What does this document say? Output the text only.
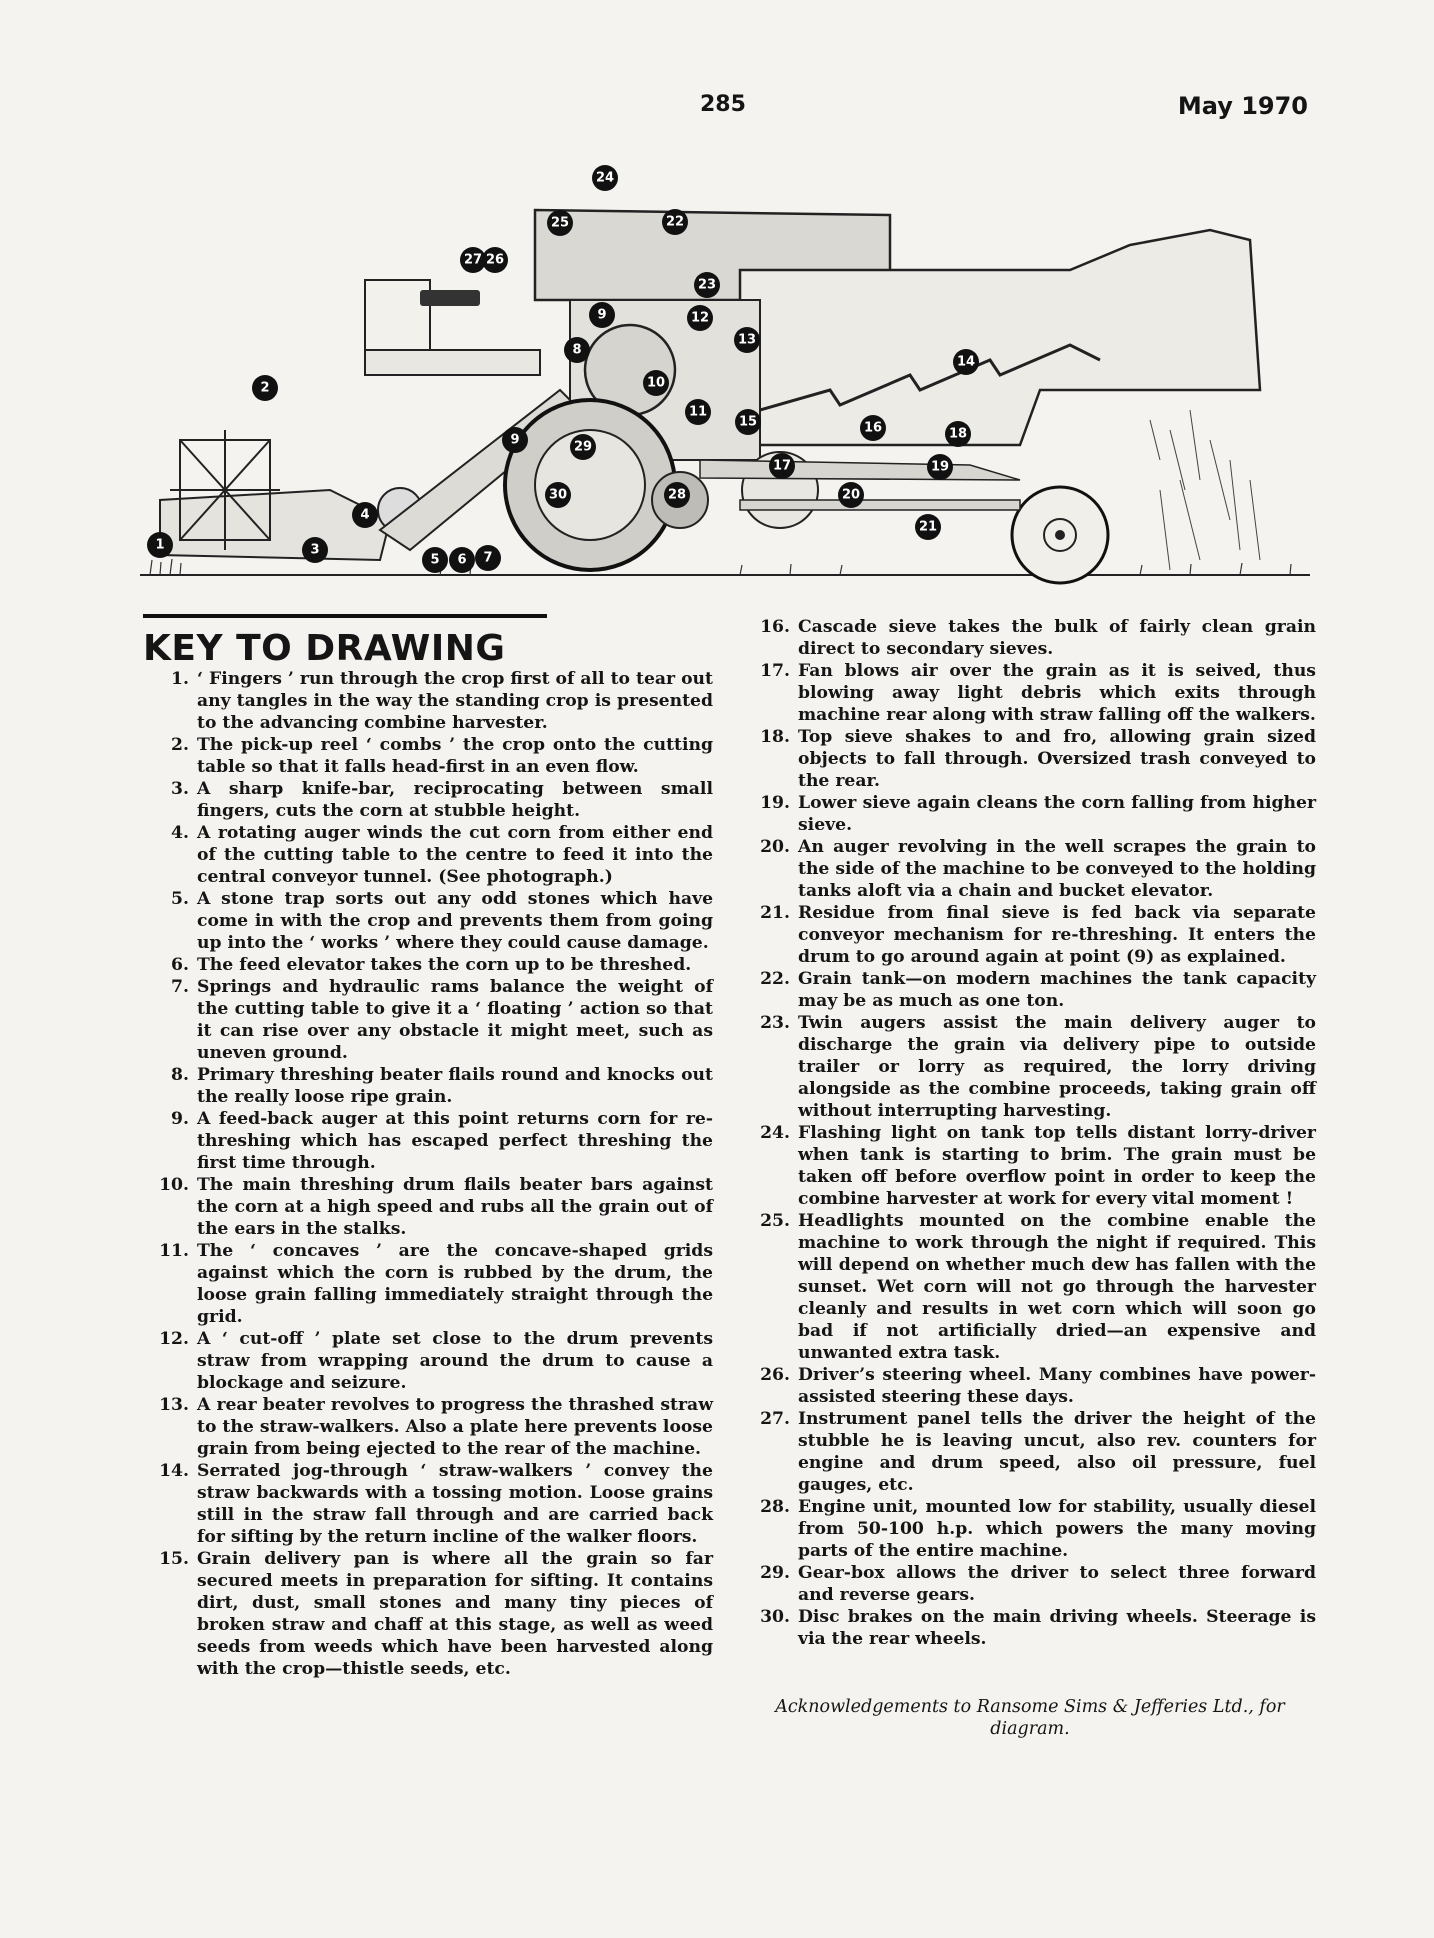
285	May 1970
1
2
3
4
5 6 7
8
9
9
10
11
12
13
14
15	16
17
18
19
20
21
22
23
24
25
26
27
28
29
30
KEY TO DRAWING
1. ‘ Fingers ’ run through the crop first of all to tear out any tangles in the way the standing crop is presented to the advancing combine harvester.
2. The pick-up reel ‘ combs ’ the crop onto the cutting table so that it falls head-first in an even flow.
3. A sharp knife-bar, reciprocating between small fingers, cuts the corn at stubble height.
4. A rotating auger winds the cut corn from either end of the cutting table to the centre to feed it into the central conveyor tunnel. (See photograph.)
5. A stone trap sorts out any odd stones which have come in with the crop and prevents them from going up into the ‘ works ’ where they could cause damage.
6. The feed elevator takes the corn up to be threshed.
7. Springs and hydraulic rams balance the weight of the cutting table to give it a ‘ floating ’ action so that it can rise over any obstacle it might meet, such as uneven ground.
8. Primary threshing beater flails round and knocks out the really loose ripe grain.
9. A feed-back auger at this point returns corn for re-threshing which has escaped perfect threshing the first time through.
10. The main threshing drum flails beater bars against the corn at a high speed and rubs all the grain out of the ears in the stalks.
11. The ‘ concaves ’ are the concave-shaped grids against which the corn is rubbed by the drum, the loose grain falling immediately straight through the grid.
12. A ‘ cut-off ’ plate set close to the drum prevents straw from wrapping around the drum to cause a blockage and seizure.
13. A rear beater revolves to progress the thrashed straw to the straw-walkers. Also a plate here prevents loose grain from being ejected to the rear of the machine.
14. Serrated jog-through ‘ straw-walkers ’ convey the straw backwards with a tossing motion. Loose grains still in the straw fall through and are carried back for sifting by the return incline of the walker floors.
15. Grain delivery pan is where all the grain so far secured meets in preparation for sifting. It contains dirt, dust, small stones and many tiny pieces of broken straw and chaff at this stage, as well as weed seeds from weeds which have been harvested along with the crop—thistle seeds, etc.
16. Cascade sieve takes the bulk of fairly clean grain direct to secondary sieves.
17. Fan blows air over the grain as it is seived, thus blowing away light debris which exits through machine rear along with straw falling off the walkers.
18. Top sieve shakes to and fro, allowing grain sized objects to fall through. Oversized trash conveyed to the rear.
19. Lower sieve again cleans the corn falling from higher sieve.
20. An auger revolving in the well scrapes the grain to the side of the machine to be conveyed to the holding tanks aloft via a chain and bucket elevator.
21. Residue from final sieve is fed back via separate conveyor mechanism for re-threshing. It enters the drum to go around again at point (9) as explained.
22. Grain tank—on modern machines the tank capacity may be as much as one ton.
23. Twin augers assist the main delivery auger to discharge the grain via delivery pipe to outside trailer or lorry as required, the lorry driving alongside as the combine proceeds, taking grain off without interrupting harvesting.
24. Flashing light on tank top tells distant lorry-driver when tank is starting to brim. The grain must be taken off before overflow point in order to keep the combine harvester at work for every vital moment !
25. Headlights mounted on the combine enable the machine to work through the night if required. This will depend on whether much dew has fallen with the sunset. Wet corn will not go through the harvester cleanly and results in wet corn which will soon go bad if not artificially dried—an expensive and unwanted extra task.
26. Driver’s steering wheel. Many combines have power-assisted steering these days.
27. Instrument panel tells the driver the height of the stubble he is leaving uncut, also rev. counters for engine and drum speed, also oil pressure, fuel gauges, etc.
28. Engine unit, mounted low for stability, usually diesel from 50-100 h.p. which powers the many moving parts of the entire machine.
29. Gear-box allows the driver to select three forward and reverse gears.
30. Disc brakes on the main driving wheels. Steerage is via the rear wheels.
Acknowledgements to Ransome Sims & Jefferies Ltd., for diagram.
